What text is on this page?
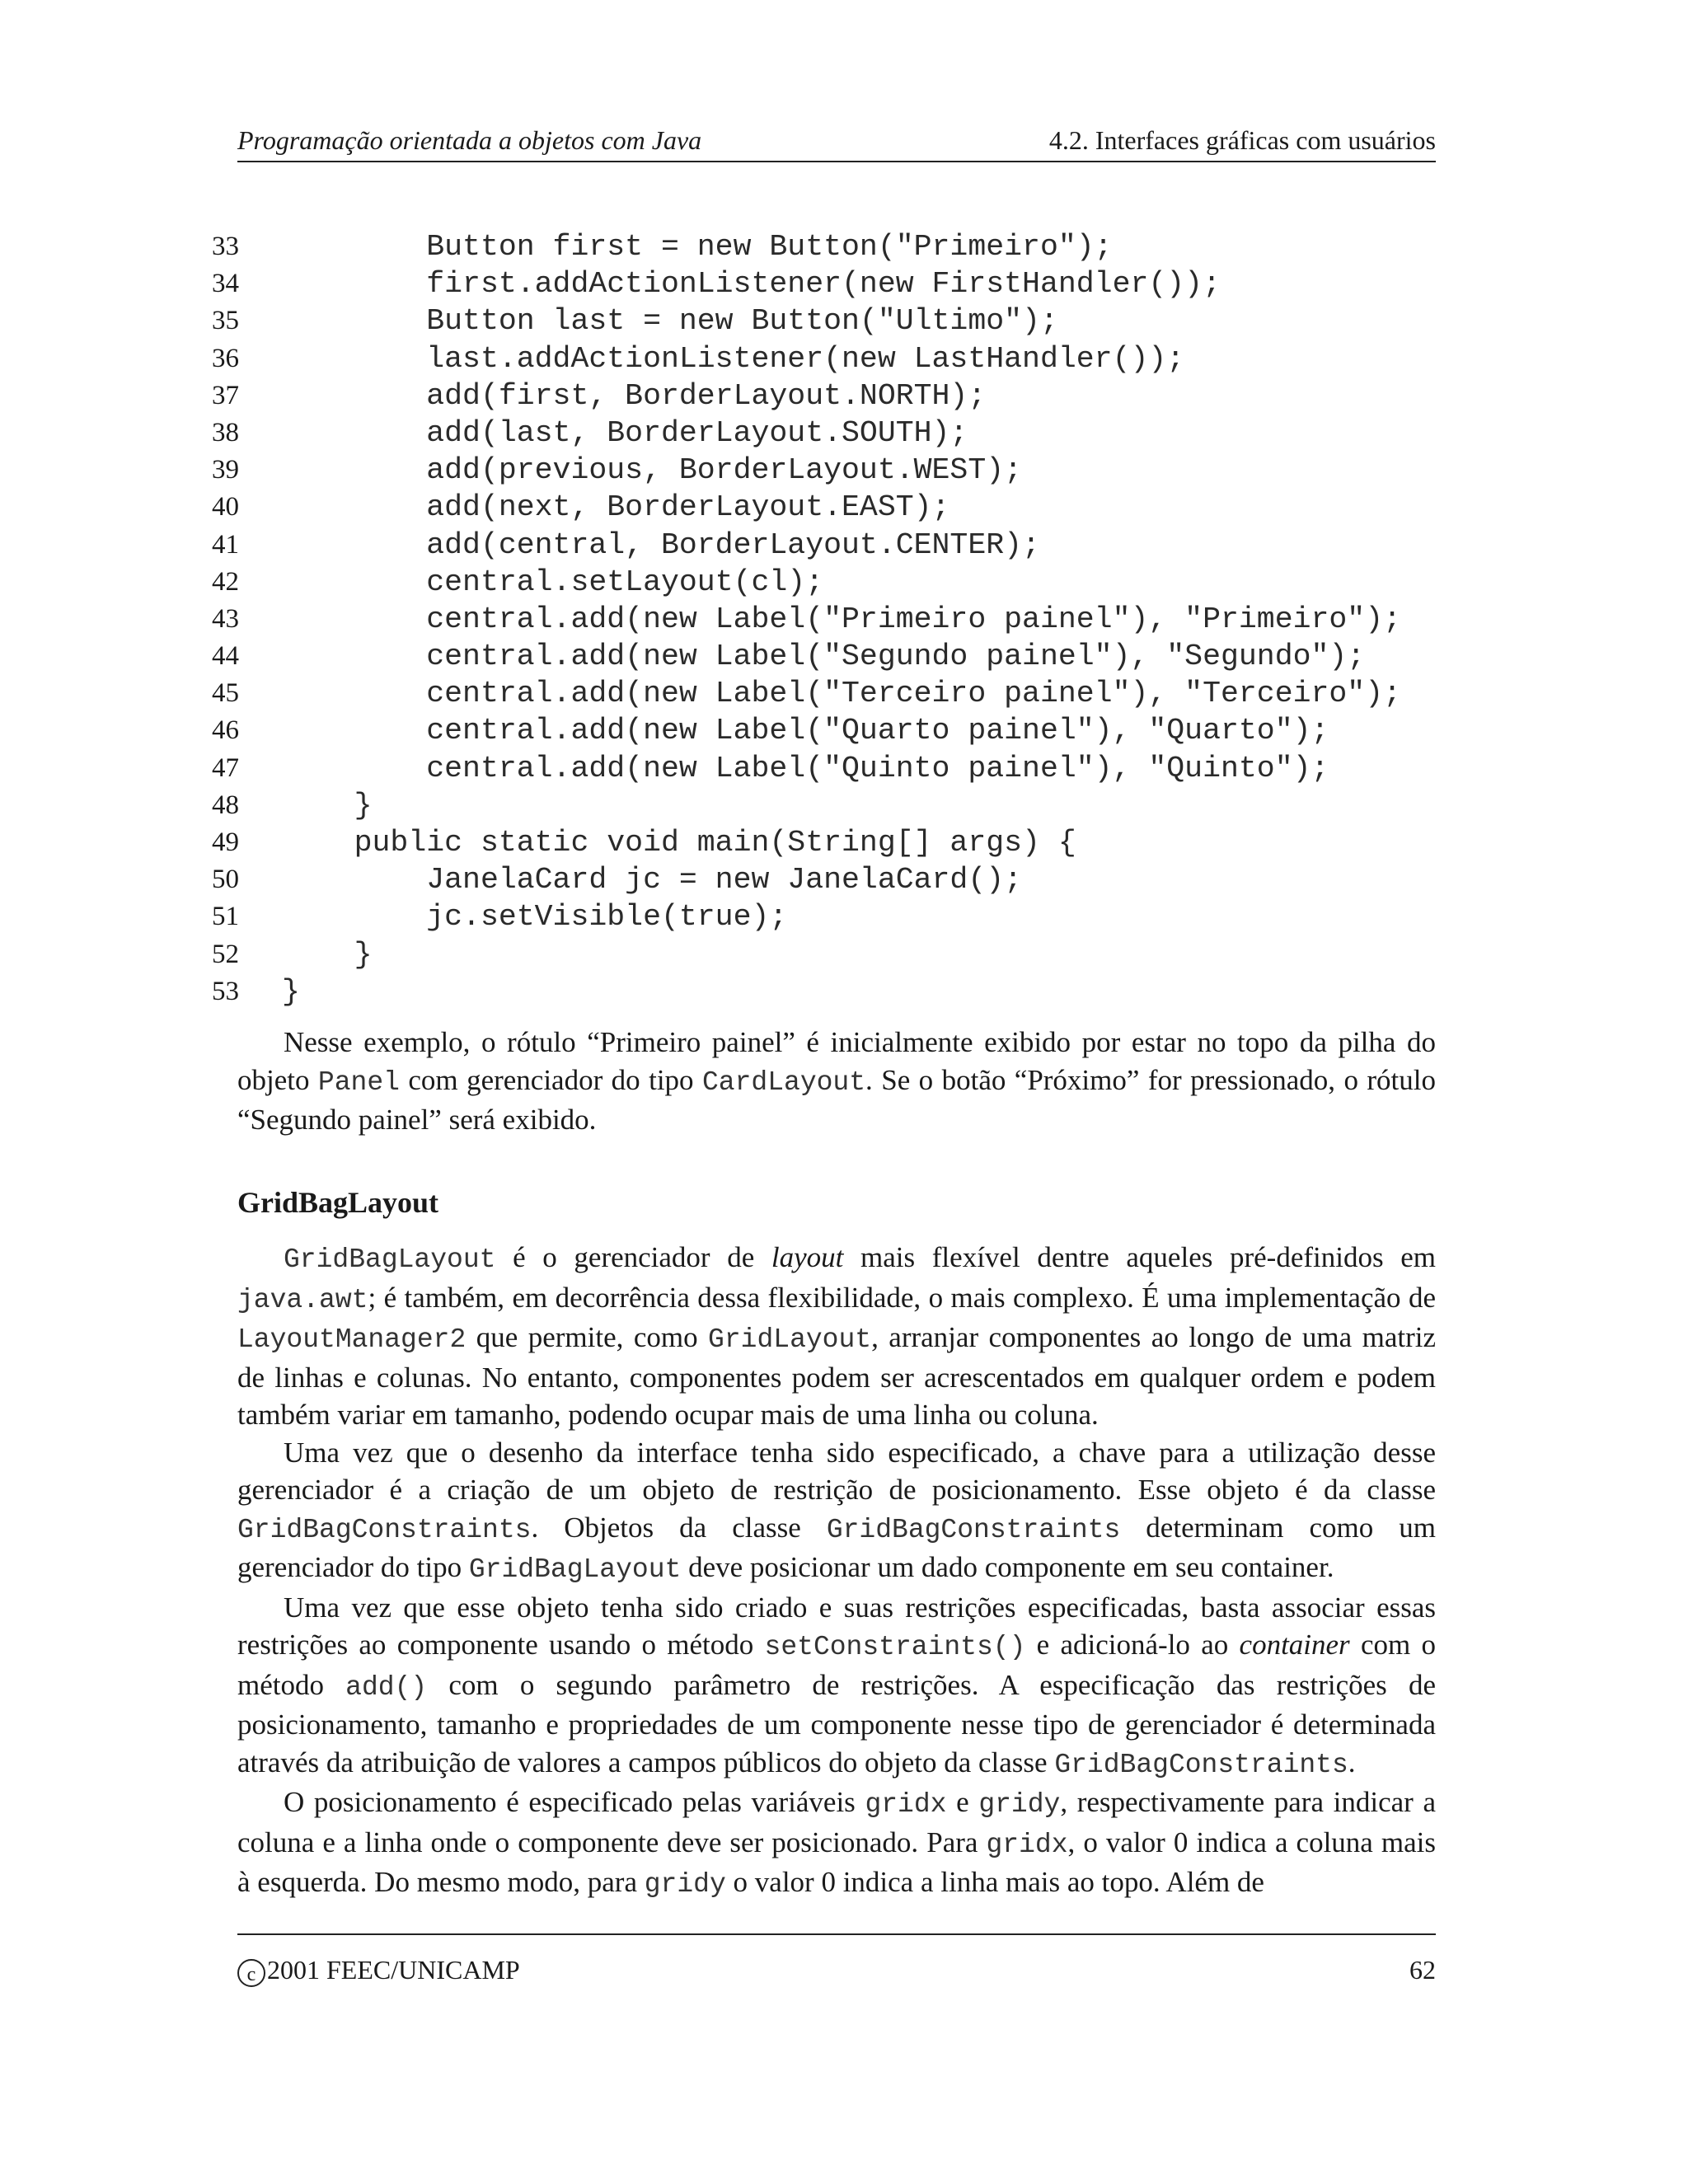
Programação orientada a objetos com Java	4.2. Interfaces gráficas com usuários
33 Button first = new Button("Primeiro");
34 first.addActionListener(new FirstHandler());
35 Button last = new Button("Ultimo");
36 last.addActionListener(new LastHandler());
37 add(first, BorderLayout.NORTH);
38 add(last, BorderLayout.SOUTH);
39 add(previous, BorderLayout.WEST);
40 add(next, BorderLayout.EAST);
41 add(central, BorderLayout.CENTER);
42 central.setLayout(cl);
43 central.add(new Label("Primeiro painel"), "Primeiro");
44 central.add(new Label("Segundo painel"), "Segundo");
45 central.add(new Label("Terceiro painel"), "Terceiro");
46 central.add(new Label("Quarto painel"), "Quarto");
47 central.add(new Label("Quinto painel"), "Quinto");
48 }
49 public static void main(String[] args) {
50 JanelaCard jc = new JanelaCard();
51 jc.setVisible(true);
52 }
53 }

Nesse exemplo, o rótulo “Primeiro painel” é inicialmente exibido por estar no topo da pilha do objeto Panel com gerenciador do tipo CardLayout. Se o botão “Próximo” for pressionado, o rótulo “Segundo painel” será exibido.

GridBagLayout

GridBagLayout é o gerenciador de layout mais flexível dentre aqueles pré-definidos em java.awt; é também, em decorrência dessa flexibilidade, o mais complexo. É uma implementação de LayoutManager2 que permite, como GridLayout, arranjar componentes ao longo de uma matriz de linhas e colunas. No entanto, componentes podem ser acrescentados em qualquer ordem e podem também variar em tamanho, podendo ocupar mais de uma linha ou coluna.

Uma vez que o desenho da interface tenha sido especificado, a chave para a utilização desse gerenciador é a criação de um objeto de restrição de posicionamento. Esse objeto é da classe GridBagConstraints. Objetos da classe GridBagConstraints determinam como um gerenciador do tipo GridBagLayout deve posicionar um dado componente em seu container.

Uma vez que esse objeto tenha sido criado e suas restrições especificadas, basta associar essas restrições ao componente usando o método setConstraints() e adicioná-lo ao container com o método add() com o segundo parâmetro de restrições. A especificação das restrições de posicionamento, tamanho e propriedades de um componente nesse tipo de gerenciador é determinada através da atribuição de valores a campos públicos do objeto da classe GridBagConstraints.

O posicionamento é especificado pelas variáveis gridx e gridy, respectivamente para indicar a coluna e a linha onde o componente deve ser posicionado. Para gridx, o valor 0 indica a coluna mais à esquerda. Do mesmo modo, para gridy o valor 0 indica a linha mais ao topo. Além de

c 2001 FEEC/UNICAMP	62
